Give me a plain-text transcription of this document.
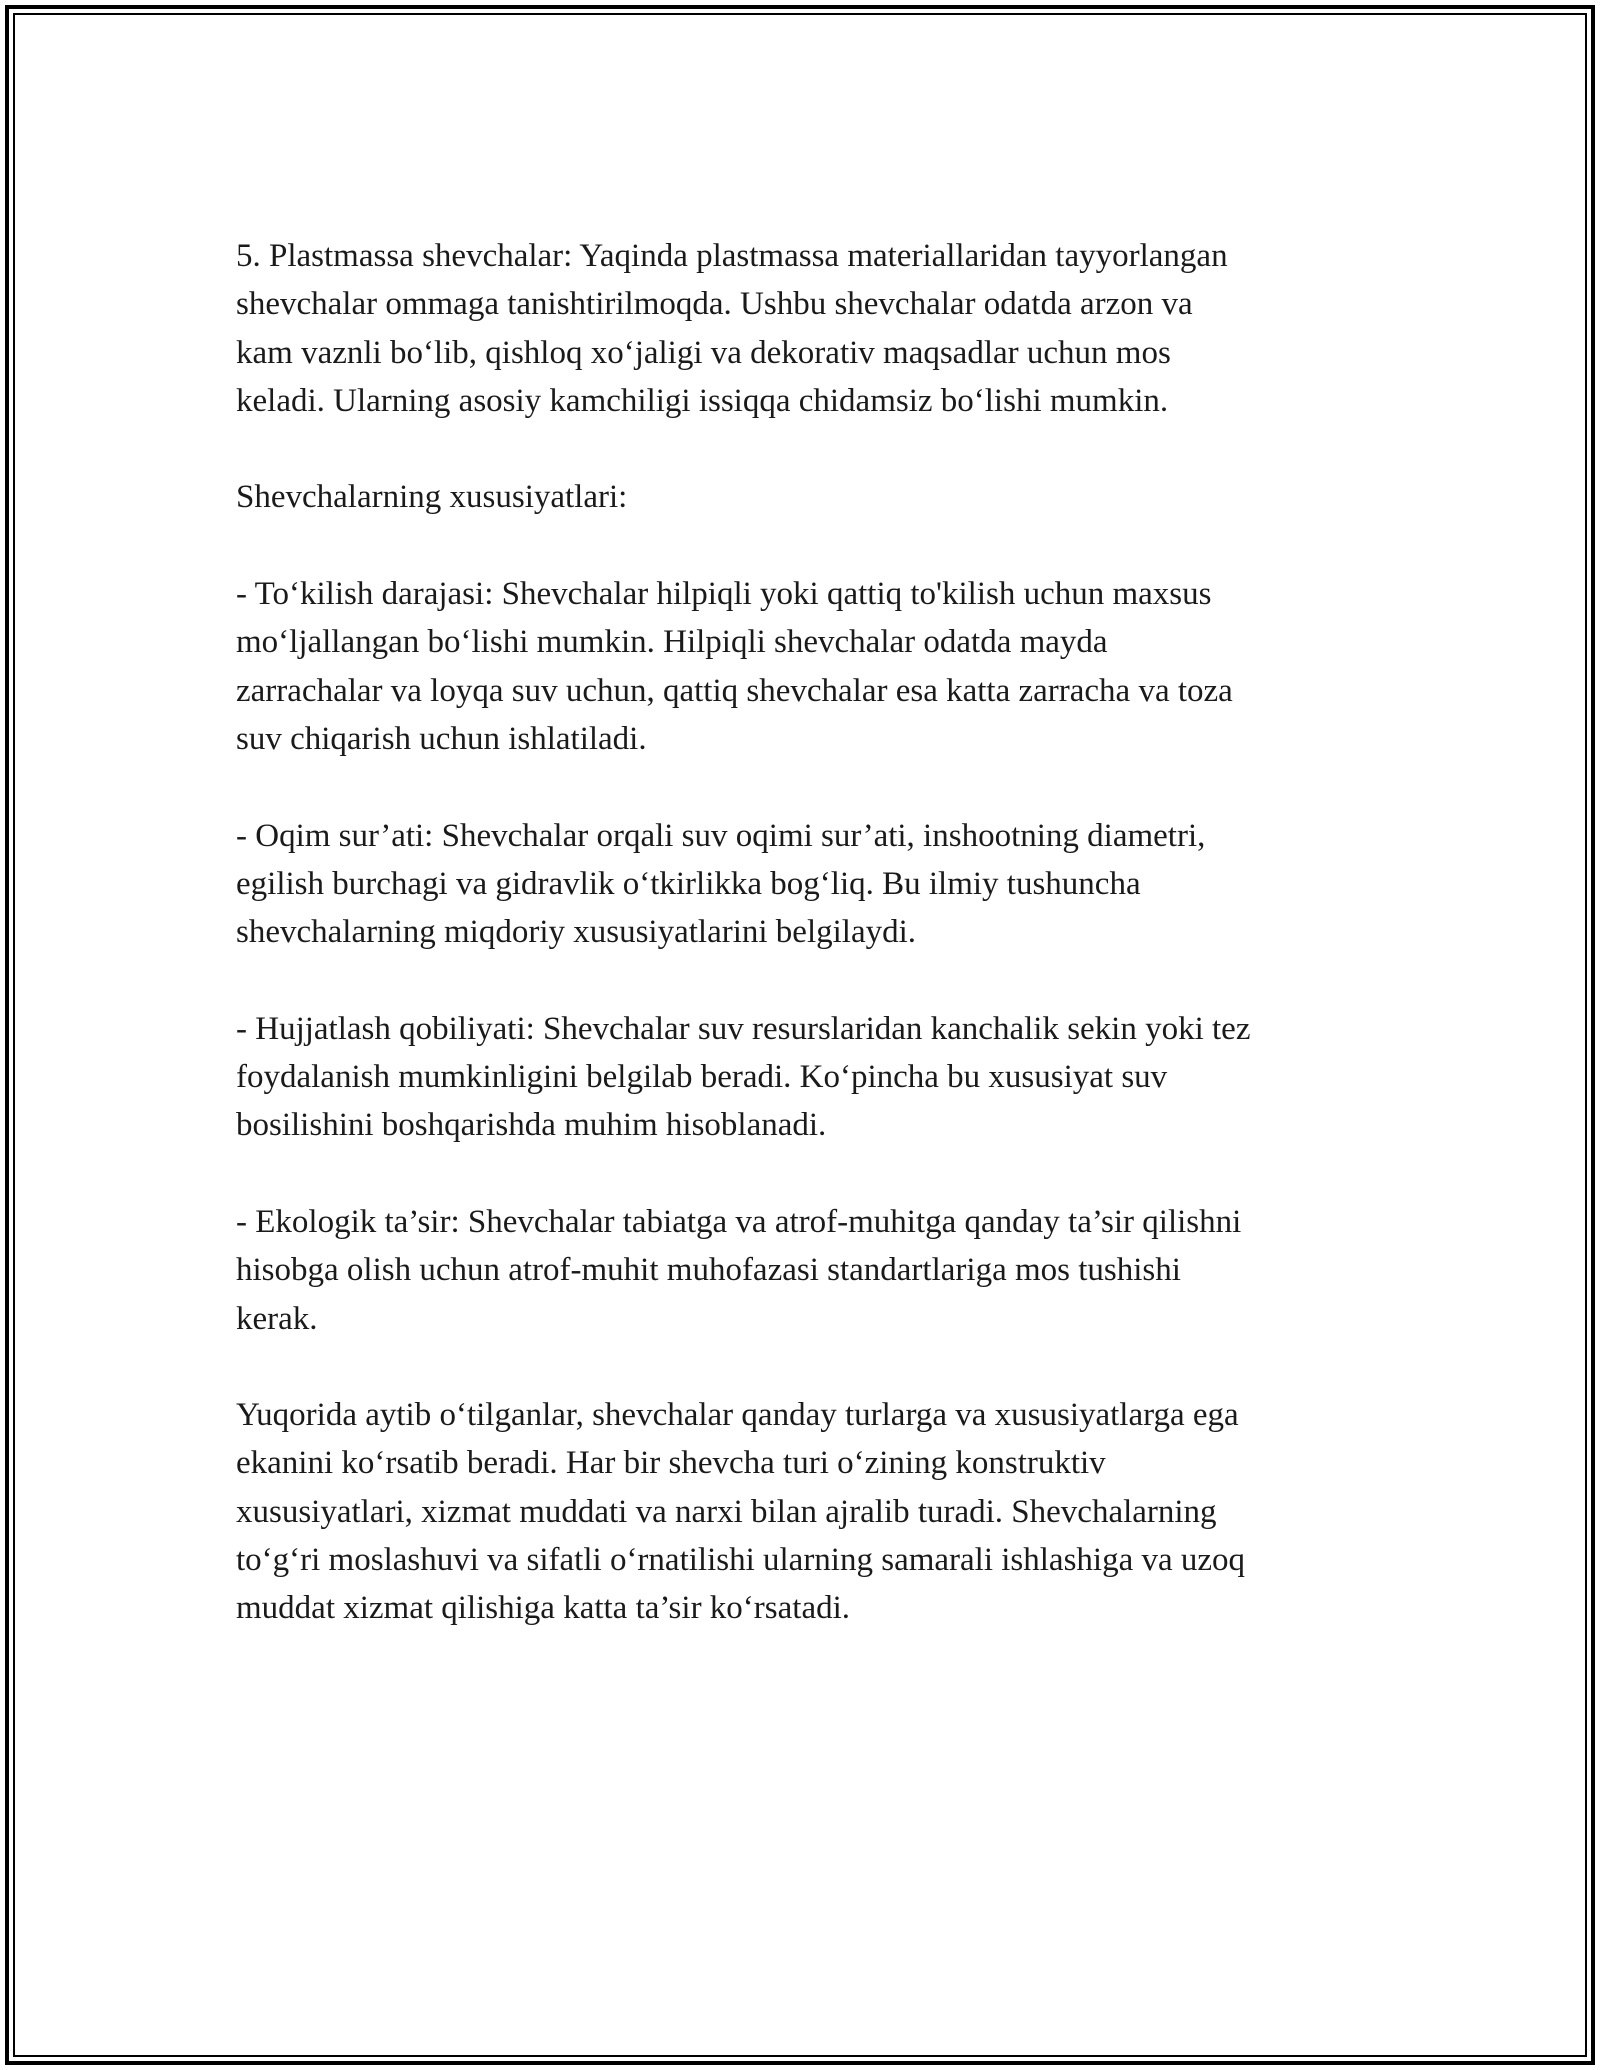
5. Plastmassa shevchalar: Yaqinda plastmassa materiallaridan tayyorlangan
shevchalar ommaga tanishtirilmoqda. Ushbu shevchalar odatda arzon va
kam vaznli bo‘lib, qishloq xo‘jaligi va dekorativ maqsadlar uchun mos
keladi. Ularning asosiy kamchiligi issiqqa chidamsiz bo‘lishi mumkin.

Shevchalarning xususiyatlari:

- To‘kilish darajasi: Shevchalar hilpiqli yoki qattiq to'kilish uchun maxsus
mo‘ljallangan bo‘lishi mumkin. Hilpiqli shevchalar odatda mayda
zarrachalar va loyqa suv uchun, qattiq shevchalar esa katta zarracha va toza
suv chiqarish uchun ishlatiladi.

- Oqim sur’ati: Shevchalar orqali suv oqimi sur’ati, inshootning diametri,
egilish burchagi va gidravlik o‘tkirlikka bog‘liq. Bu ilmiy tushuncha
shevchalarning miqdoriy xususiyatlarini belgilaydi.

- Hujjatlash qobiliyati: Shevchalar suv resurslaridan kanchalik sekin yoki tez
foydalanish mumkinligini belgilab beradi. Ko‘pincha bu xususiyat suv
bosilishini boshqarishda muhim hisoblanadi.

- Ekologik ta’sir: Shevchalar tabiatga va atrof-muhitga qanday ta’sir qilishni
hisobga olish uchun atrof-muhit muhofazasi standartlariga mos tushishi
kerak.

Yuqorida aytib o‘tilganlar, shevchalar qanday turlarga va xususiyatlarga ega
ekanini ko‘rsatib beradi. Har bir shevcha turi o‘zining konstruktiv
xususiyatlari, xizmat muddati va narxi bilan ajralib turadi. Shevchalarning
to‘g‘ri moslashuvi va sifatli o‘rnatilishi ularning samarali ishlashiga va uzoq
muddat xizmat qilishiga katta ta’sir ko‘rsatadi.
